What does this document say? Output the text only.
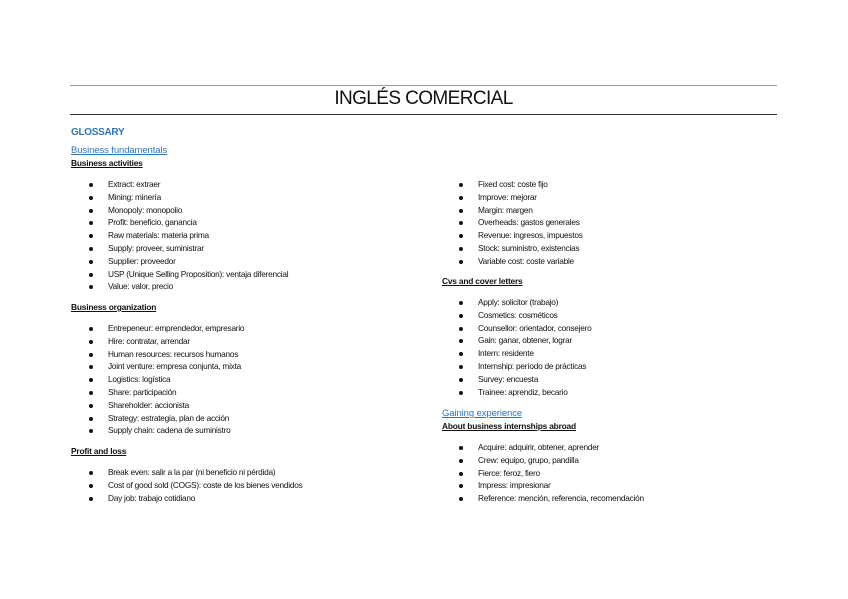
INGLÉS COMERCIAL
GLOSSARY
Business fundamentals
Business activities
Extract: extraer
Mining: minería
Monopoly: monopolio
Profit: beneficio, ganancia
Raw materials: materia prima
Supply: proveer, suministrar
Supplier: proveedor
USP (Unique Selling Proposition): ventaja diferencial
Value: valor, precio
Business organization
Entrepeneur: emprendedor, empresario
Hire: contratar, arrendar
Human resources: recursos humanos
Joint venture: empresa conjunta, mixta
Logistics: logística
Share: participación
Shareholder: accionista
Strategy: estrategia, plan de acción
Supply chain: cadena de suministro
Profit and loss
Break even: salir a la par (ni beneficio ni pérdida)
Cost of good sold (COGS): coste de los bienes vendidos
Day job: trabajo cotidiano
Fixed cost: coste fijo
Improve: mejorar
Margin: margen
Overheads: gastos generales
Revenue: ingresos, impuestos
Stock: suministro, existencias
Variable cost: coste variable
Cvs and cover letters
Apply: solicitor (trabajo)
Cosmetics: cosméticos
Counsellor: orientador, consejero
Gain: ganar, obtener, lograr
Intern: residente
Internship: período de prácticas
Survey: encuesta
Trainee: aprendiz, becario
Gaining experience
About business internships abroad
Acquire: adquirir, obtener, aprender
Crew: equipo, grupo, pandilla
Fierce: feroz, fiero
Impress: impresionar
Reference: mención, referencia, recomendación
